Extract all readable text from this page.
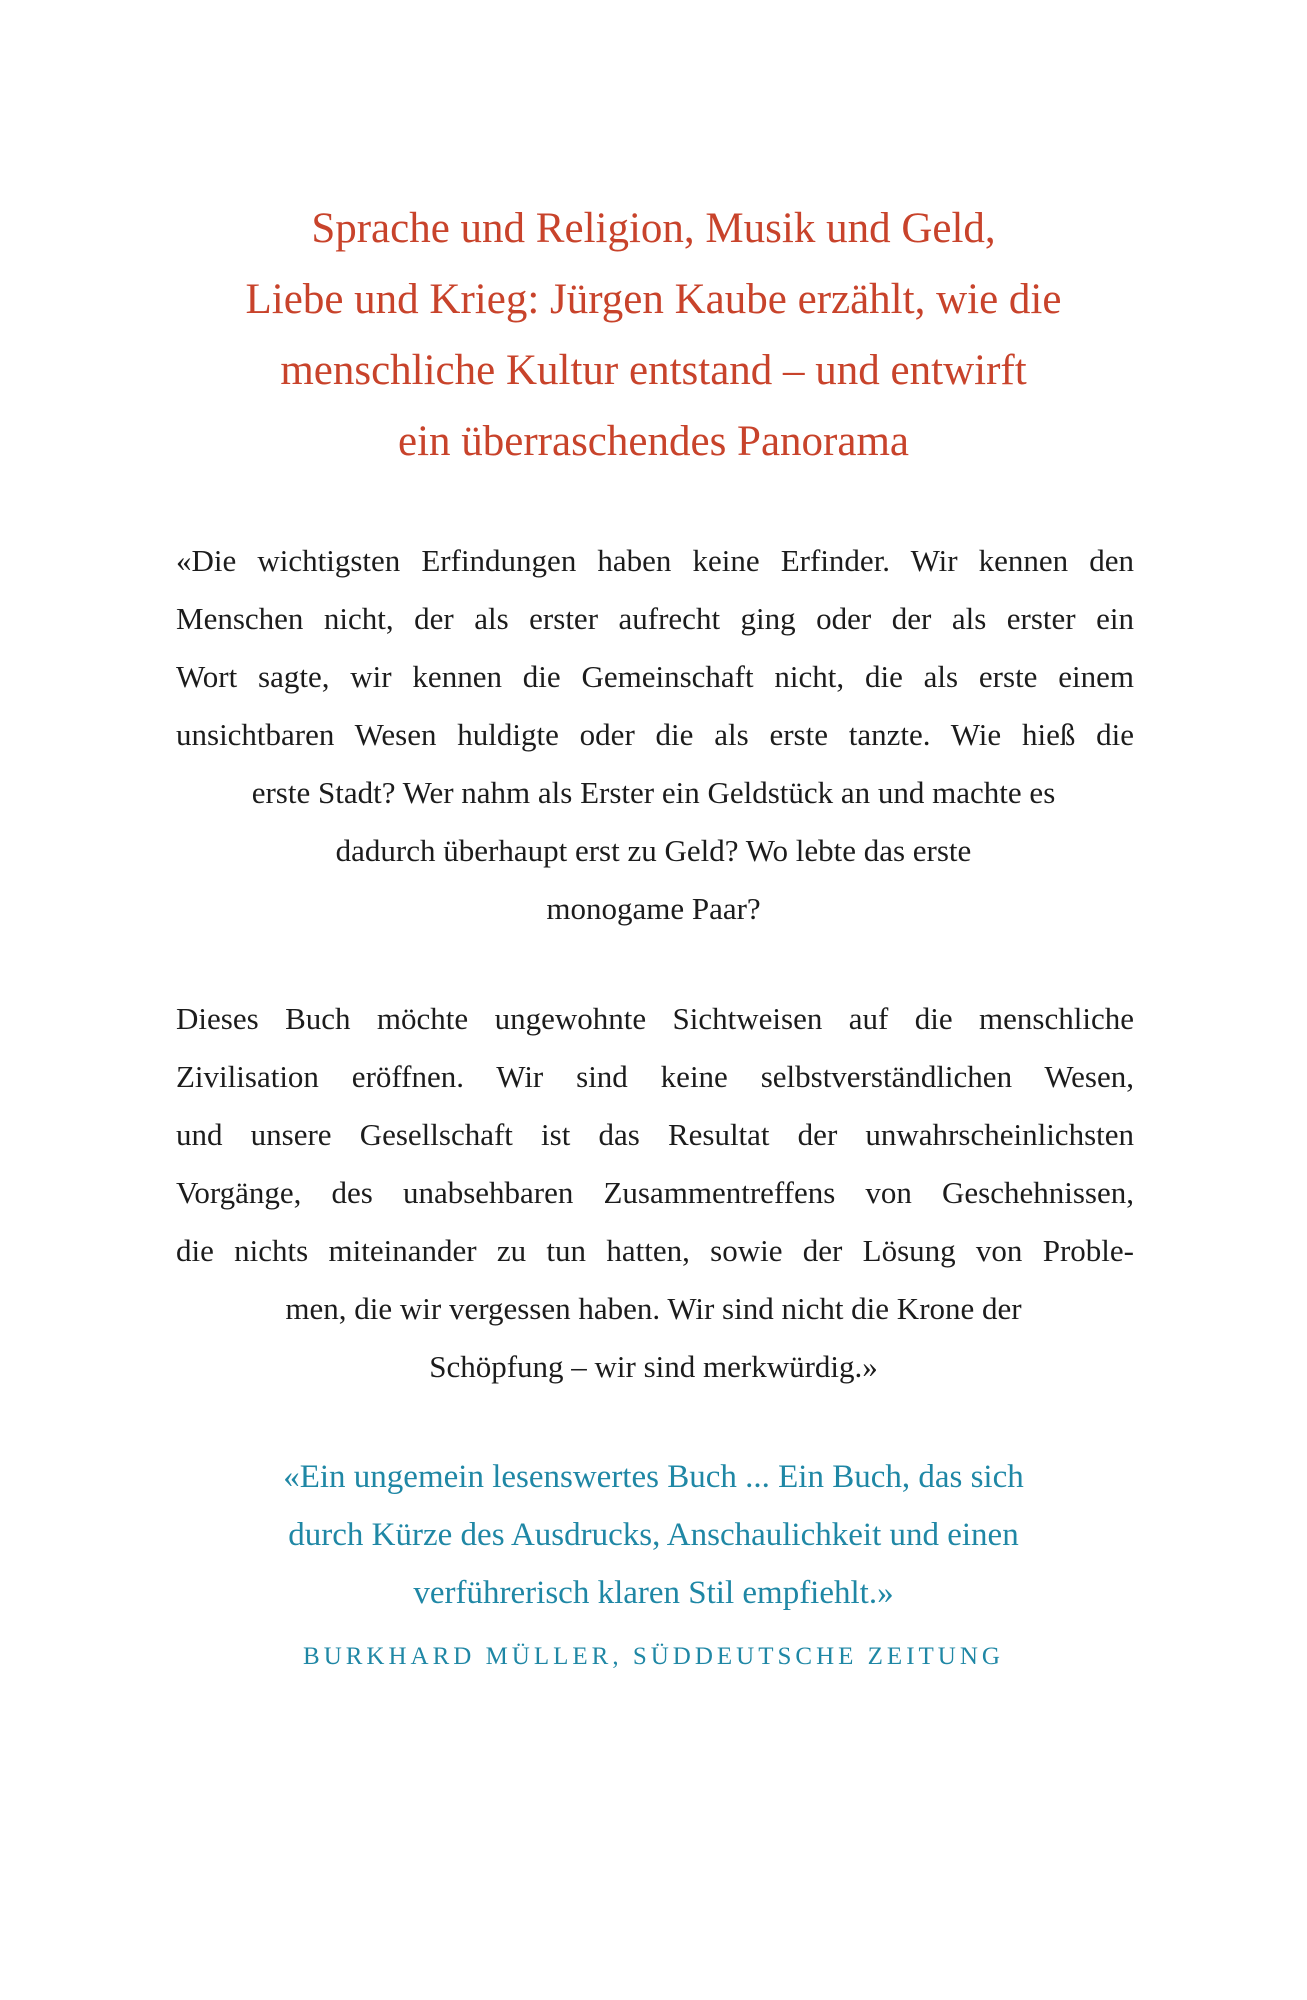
Sprache und Religion, Musik und Geld,

Liebe und Krieg: Jürgen Kaube erzählt, wie die

menschliche Kultur entstand – und entwirft

ein überraschendes Panorama

«Die wichtigsten Erfindungen haben keine Erfinder. Wir kennen den

Menschen nicht, der als erster aufrecht ging oder der als erster ein

Wort sagte, wir kennen die Gemeinschaft nicht, die als erste einem

unsichtbaren Wesen huldigte oder die als erste tanzte. Wie hieß die

erste Stadt? Wer nahm als Erster ein Geldstück an und machte es

dadurch überhaupt erst zu Geld? Wo lebte das erste

monogame Paar?

Dieses Buch möchte ungewohnte Sichtweisen auf die menschliche

Zivilisation eröffnen. Wir sind keine selbstverständlichen Wesen,

und unsere Gesellschaft ist das Resultat der unwahrscheinlichsten

Vorgänge, des unabsehbaren Zusammentreffens von Geschehnissen,

die nichts miteinander zu tun hatten, sowie der Lösung von Proble-

men, die wir vergessen haben. Wir sind nicht die Krone der

Schöpfung – wir sind merkwürdig.»

«Ein ungemein lesenswertes Buch ... Ein Buch, das sich

durch Kürze des Ausdrucks, Anschaulichkeit und einen

verführerisch klaren Stil empfiehlt.»

BURKHARD MÜLLER, SÜDDEUTSCHE ZEITUNG
